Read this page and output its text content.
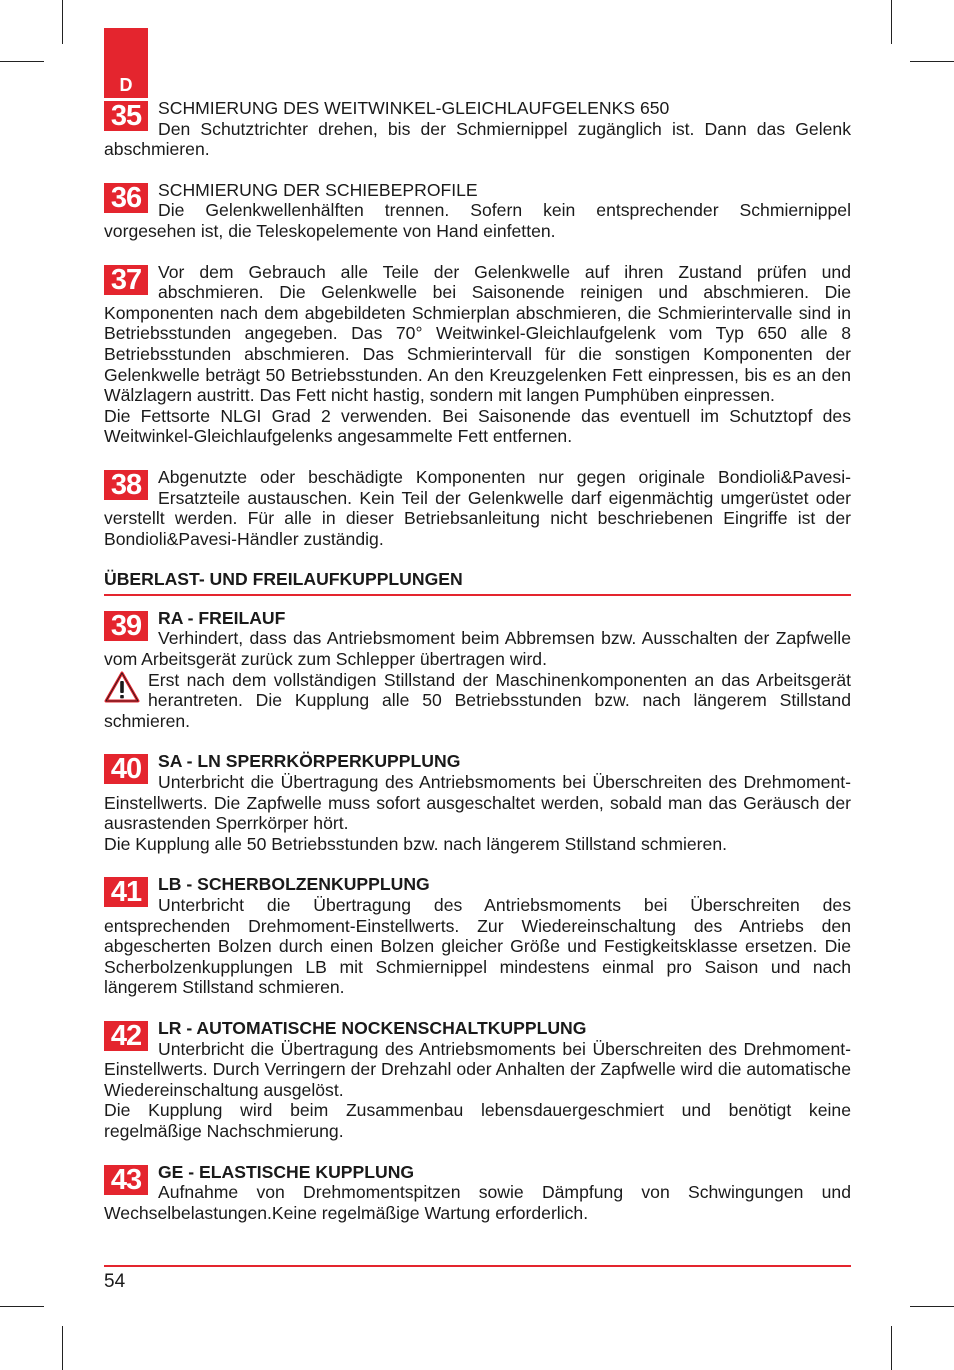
D
35 SCHMIERUNG DES WEITWINKEL-GLEICHLAUFGELENKS 650

Den Schutztrichter drehen, bis der Schmiernippel zugänglich ist. Dann das Gelenk abschmieren.

36 SCHMIERUNG DER SCHIEBEPROFILE

Die Gelenkwellenhälften trennen. Sofern kein entsprechender Schmiernippel vorgesehen ist, die Teleskopelemente von Hand einfetten.

37 Vor dem Gebrauch alle Teile der Gelenkwelle auf ihren Zustand prüfen und abschmieren. Die Gelenkwelle bei Saisonende reinigen und abschmieren. Die Komponenten nach dem abgebildeten Schmierplan abschmieren, die Schmierintervalle sind in Betriebsstunden angegeben. Das 70° Weitwinkel-Gleichlaufgelenk vom Typ 650 alle 8 Betriebsstunden abschmieren. Das Schmierintervall für die sonstigen Komponenten der Gelenkwelle beträgt 50 Betriebsstunden. An den Kreuzgelenken Fett einpressen, bis es an den Wälzlagern austritt. Das Fett nicht hastig, sondern mit langen Pumphüben einpressen.

Die Fettsorte NLGI Grad 2 verwenden. Bei Saisonende das eventuell im Schutztopf des Weitwinkel-Gleichlaufgelenks angesammelte Fett entfernen.

38 Abgenutzte oder beschädigte Komponenten nur gegen originale Bondioli&Pavesi-Ersatzteile austauschen. Kein Teil der Gelenkwelle darf eigenmächtig umgerüstet oder verstellt werden. Für alle in dieser Betriebsanleitung nicht beschriebenen Eingriffe ist der Bondioli&Pavesi-Händler zuständig.

ÜBERLAST- UND FREILAUFKUPPLUNGEN
39 RA - FREILAUF

Verhindert, dass das Antriebsmoment beim Abbremsen bzw. Ausschalten der Zapfwelle vom Arbeitsgerät zurück zum Schlepper übertragen wird.

Erst nach dem vollständigen Stillstand der Maschinenkomponenten an das Arbeitsgerät herantreten. Die Kupplung alle 50 Betriebsstunden bzw. nach längerem Stillstand schmieren.

40 SA - LN SPERRKÖRPERKUPPLUNG

Unterbricht die Übertragung des Antriebsmoments bei Überschreiten des Drehmoment-Einstellwerts. Die Zapfwelle muss sofort ausgeschaltet werden, sobald man das Geräusch der ausrastenden Sperrkörper hört.

Die Kupplung alle 50 Betriebsstunden bzw. nach längerem Stillstand schmieren.

41 LB - SCHERBOLZENKUPPLUNG

Unterbricht die Übertragung des Antriebsmoments bei Überschreiten des entsprechenden Drehmoment-Einstellwerts. Zur Wiedereinschaltung des Antriebs den abgescherten Bolzen durch einen Bolzen gleicher Größe und Festigkeitsklasse ersetzen. Die Scherbolzenkupplungen LB mit Schmiernippel mindestens einmal pro Saison und nach längerem Stillstand schmieren.

42 LR - AUTOMATISCHE NOCKENSCHALTKUPPLUNG

Unterbricht die Übertragung des Antriebsmoments bei Überschreiten des Drehmoment-Einstellwerts. Durch Verringern der Drehzahl oder Anhalten der Zapfwelle wird die automatische Wiedereinschaltung ausgelöst.

Die Kupplung wird beim Zusammenbau lebensdauergeschmiert und benötigt keine regelmäßige Nachschmierung.

43 GE - ELASTISCHE KUPPLUNG

Aufnahme von Drehmomentspitzen sowie Dämpfung von Schwingungen und Wechselbelastungen.Keine regelmäßige Wartung erforderlich.

54
